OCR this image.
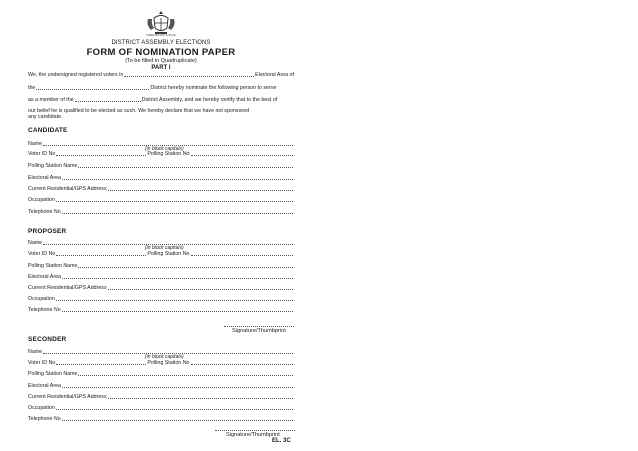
FREEDOM AND JUSTICE
DISTRICT ASSEMBLY ELECTIONS
FORM OF NOMINATION PAPER
(To be filled in Quadruplicate)
PART I
We, the undersigned registered voters in	Electoral Area of
the	District hereby nominate the following person to serve
as a member of the	District Assembly, and we hereby certify that to the best of
our belief he is qualified to be elected as such. We hereby declare that we have not sponsored any candidate.
CANDIDATE
Name
(in block capitals)
Voter ID No	Polling Station No
Polling Station Name
Electoral Area
Current Residential/GPS Address
Occupation
Telephone No
PROPOSER
Name
(in block capitals)
Voter ID No	Polling Station No
Polling Station Name
Electoral Area
Current Residential/GPS Address
Occupation
Telephone No
Signature/Thumbprint
SECONDER
Name
(in block capitals)
Voter ID No	Polling Station No
Polling Station Name
Electoral Area
Current Residential/GPS Address
Occupation
Telephone No
Signature/Thumbprint
EL. 3C
